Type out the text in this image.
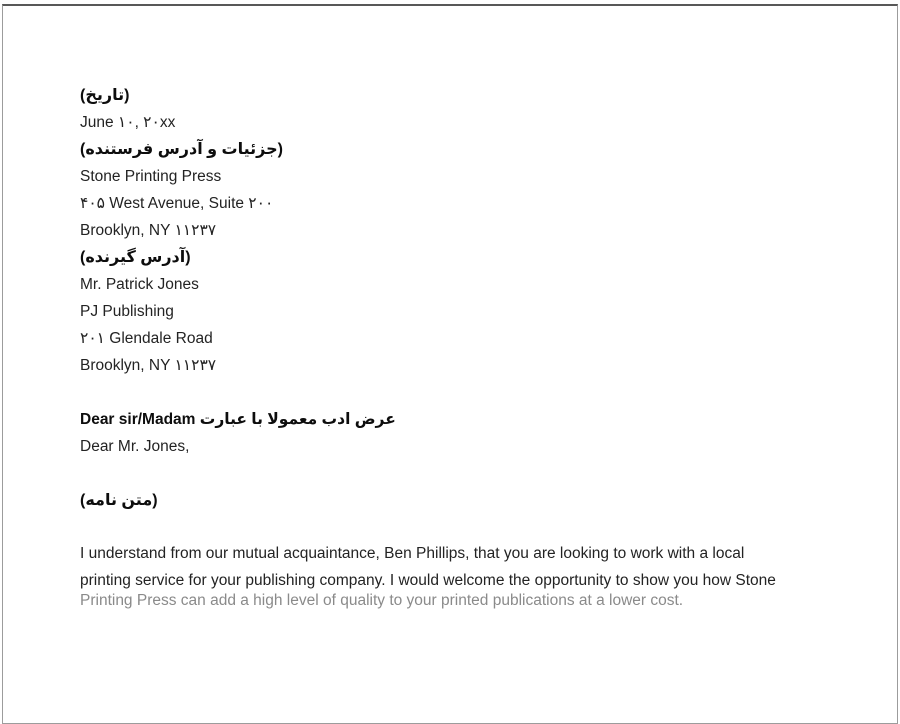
(تاریخ)
June ۱۰, ۲۰xx
(جزئیات و آدرس فرستنده)
Stone Printing Press
۴۰۵ West Avenue, Suite ۲۰۰
Brooklyn, NY ۱۱۲۳۷
(آدرس گیرنده)
Mr. Patrick Jones
PJ Publishing
۲۰۱ Glendale Road
Brooklyn, NY ۱۱۲۳۷
عرض ادب معمولا با عبارت Dear sir/Madam
Dear Mr. Jones,
(متن نامه)
I understand from our mutual acquaintance, Ben Phillips, that you are looking to work with a local
printing service for your publishing company. I would welcome the opportunity to show you how Stone
Printing Press can add a high level of quality to your printed publications at a lower cost.
